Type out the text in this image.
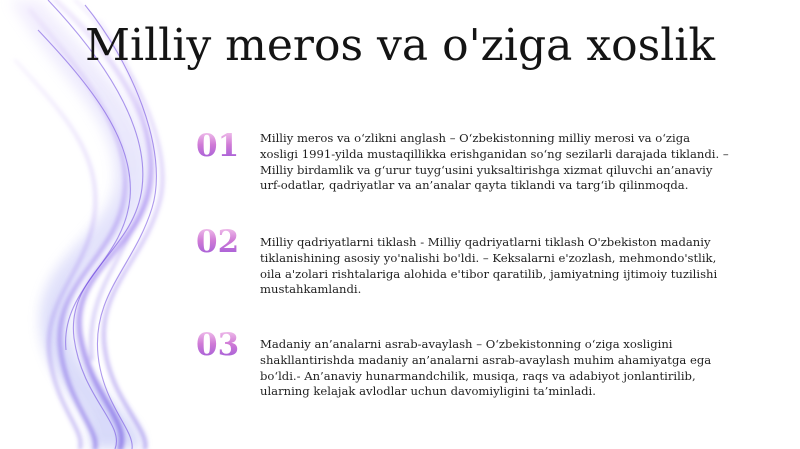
Milliy meros va o'ziga xoslik
01	Milliy meros va oʻzlikni anglash – Oʻzbekistonning milliy merosi va oʻziga xosligi 1991-yilda mustaqillikka erishganidan soʻng sezilarli darajada tiklandi. – Milliy birdamlik va gʻurur tuygʻusini yuksaltirishga xizmat qiluvchi an’anaviy urf-odatlar, qadriyatlar va an’analar qayta tiklandi va targʻib qilinmoqda.
02	Milliy qadriyatlarni tiklash - Milliy qadriyatlarni tiklash O'zbekiston madaniy tiklanishining asosiy yo'nalishi bo'ldi. – Keksalarni e'zozlash, mehmondo'stlik, oila a'zolari rishtalariga alohida e'tibor qaratilib, jamiyatning ijtimoiy tuzilishi mustahkamlandi.
03	Madaniy an’analarni asrab-avaylash – Oʻzbekistonning oʻziga xosligini shakllantirishda madaniy an’analarni asrab-avaylash muhim ahamiyatga ega boʻldi.- An’anaviy hunarmandchilik, musiqa, raqs va adabiyot jonlantirilib, ularning kelajak avlodlar uchun davomiyligini ta’minladi.
